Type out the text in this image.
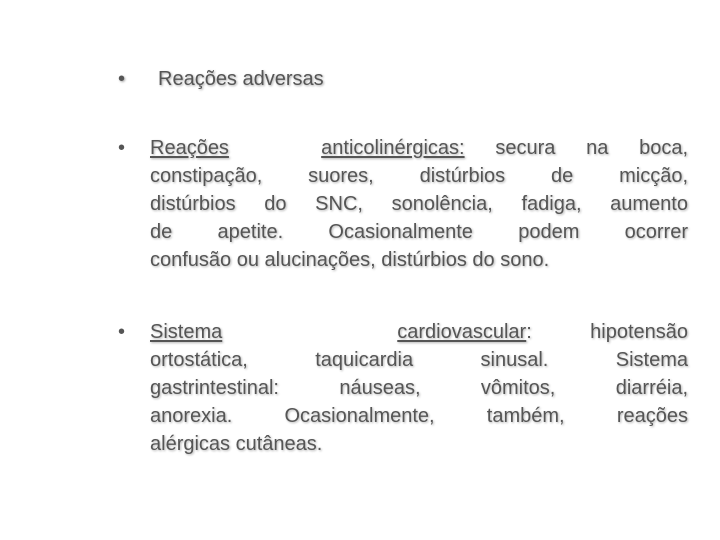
• Reações adversas
• Reações	anticolinérgicas: secura na boca,
constipação, suores, distúrbios de micção,
distúrbios do SNC, sonolência, fadiga, aumento
de apetite. Ocasionalmente podem ocorrer
confusão ou alucinações, distúrbios do sono.
• Sistema	cardiovascular:	hipotensão
ortostática, taquicardia sinusal. Sistema
gastrintestinal: náuseas, vômitos, diarréia,
anorexia. Ocasionalmente, também, reações
alérgicas cutâneas.
